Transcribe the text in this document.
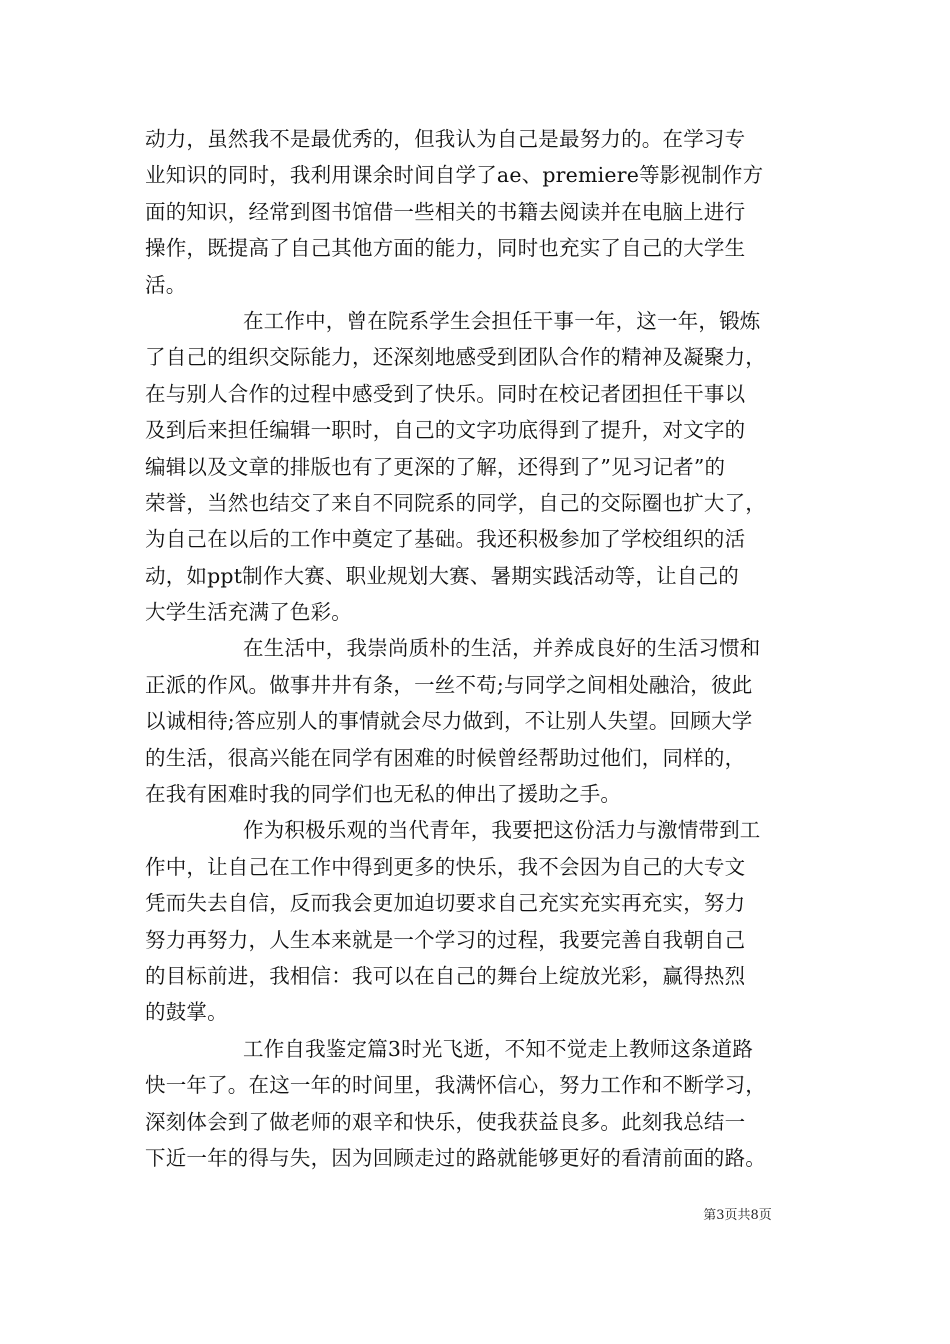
动力，虽然我不是最优秀的，但我认为自己是最努力的。在学习专
业知识的同时，我利用课余时间自学了ae、premiere等影视制作方
面的知识，经常到图书馆借一些相关的书籍去阅读并在电脑上进行
操作，既提高了自己其他方面的能力，同时也充实了自己的大学生
活。
在工作中，曾在院系学生会担任干事一年，这一年，锻炼
了自己的组织交际能力，还深刻地感受到团队合作的精神及凝聚力，
在与别人合作的过程中感受到了快乐。同时在校记者团担任干事以
及到后来担任编辑一职时，自己的文字功底得到了提升，对文字的
编辑以及文章的排版也有了更深的了解，还得到了”见习记者”的
荣誉，当然也结交了来自不同院系的同学，自己的交际圈也扩大了，
为自己在以后的工作中奠定了基础。我还积极参加了学校组织的活
动，如ppt制作大赛、职业规划大赛、暑期实践活动等，让自己的
大学生活充满了色彩。
在生活中，我崇尚质朴的生活，并养成良好的生活习惯和
正派的作风。做事井井有条，一丝不苟;与同学之间相处融洽，彼此
以诚相待;答应别人的事情就会尽力做到，不让别人失望。回顾大学
的生活，很高兴能在同学有困难的时候曾经帮助过他们，同样的，
在我有困难时我的同学们也无私的伸出了援助之手。
作为积极乐观的当代青年，我要把这份活力与激情带到工
作中，让自己在工作中得到更多的快乐，我不会因为自己的大专文
凭而失去自信，反而我会更加迫切要求自己充实充实再充实，努力
努力再努力，人生本来就是一个学习的过程，我要完善自我朝自己
的目标前进，我相信：我可以在自己的舞台上绽放光彩，赢得热烈
的鼓掌。
工作自我鉴定篇3时光飞逝，不知不觉走上教师这条道路
快一年了。在这一年的时间里，我满怀信心，努力工作和不断学习，
深刻体会到了做老师的艰辛和快乐，使我获益良多。此刻我总结一
下近一年的得与失，因为回顾走过的路就能够更好的看清前面的路。
第3页共8页
